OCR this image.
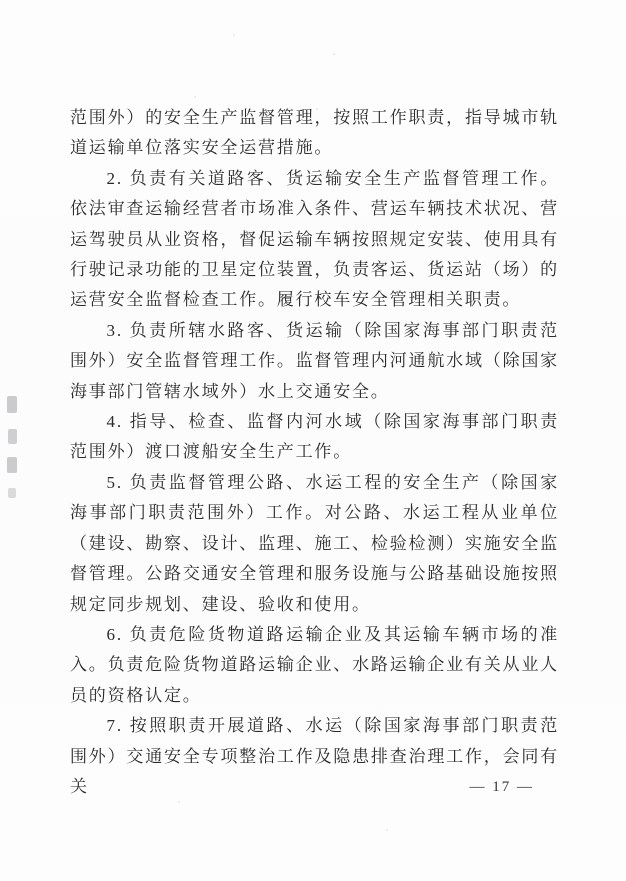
范围外）的安全生产监督管理，按照工作职责，指导城市轨道运输单位落实安全运营措施。

2. 负责有关道路客、货运输安全生产监督管理工作。依法审查运输经营者市场准入条件、营运车辆技术状况、营运驾驶员从业资格，督促运输车辆按照规定安装、使用具有行驶记录功能的卫星定位装置，负责客运、货运站（场）的运营安全监督检查工作。履行校车安全管理相关职责。

3. 负责所辖水路客、货运输（除国家海事部门职责范围外）安全监督管理工作。监督管理内河通航水域（除国家海事部门管辖水域外）水上交通安全。

4. 指导、检查、监督内河水域（除国家海事部门职责范围外）渡口渡船安全生产工作。

5. 负责监督管理公路、水运工程的安全生产（除国家海事部门职责范围外）工作。对公路、水运工程从业单位（建设、勘察、设计、监理、施工、检验检测）实施安全监督管理。公路交通安全管理和服务设施与公路基础设施按照规定同步规划、建设、验收和使用。

6. 负责危险货物道路运输企业及其运输车辆市场的准入。负责危险货物道路运输企业、水路运输企业有关从业人员的资格认定。

7. 按照职责开展道路、水运（除国家海事部门职责范围外）交通安全专项整治工作及隐患排查治理工作，会同有关	— 17 —
